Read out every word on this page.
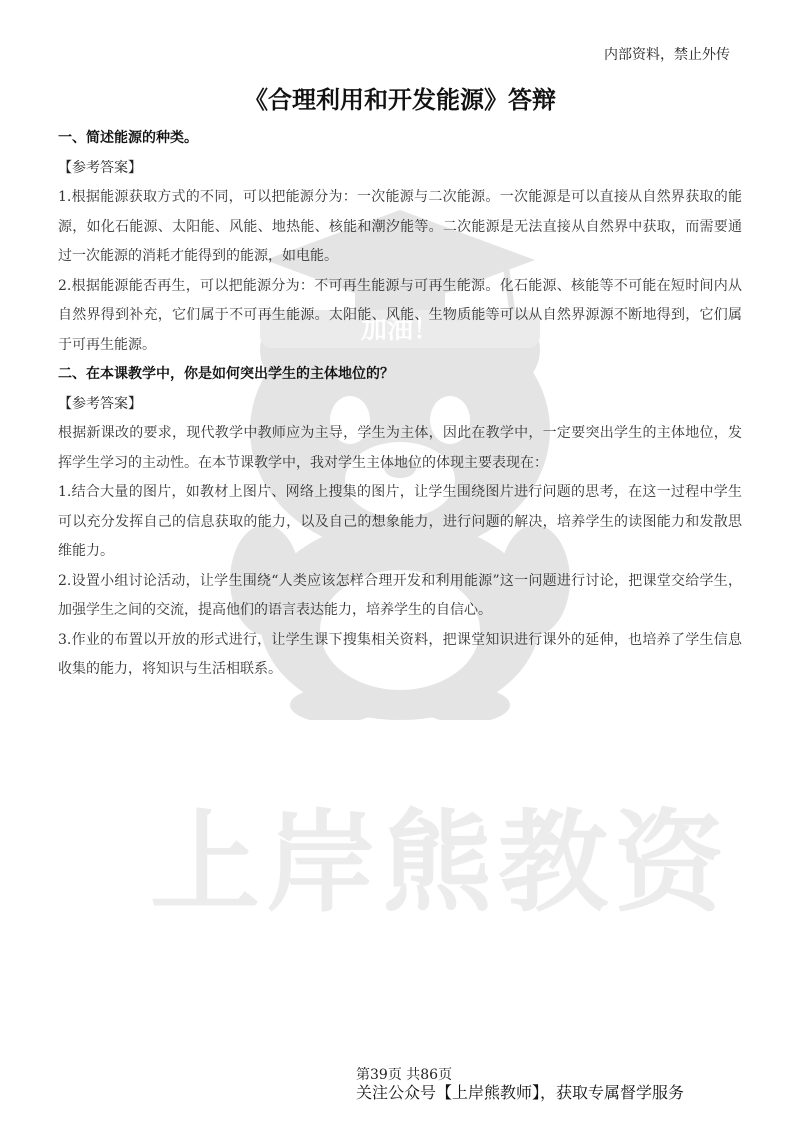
加油！
上岸熊教资
内部资料，禁止外传
《合理利用和开发能源》答辩
一、简述能源的种类。
【参考答案】
1.根据能源获取方式的不同，可以把能源分为：一次能源与二次能源。一次能源是可以直接从自然界获取的能源，如化石能源、太阳能、风能、地热能、核能和潮汐能等。二次能源是无法直接从自然界中获取，而需要通过一次能源的消耗才能得到的能源，如电能。
2.根据能源能否再生，可以把能源分为：不可再生能源与可再生能源。化石能源、核能等不可能在短时间内从自然界得到补充，它们属于不可再生能源。太阳能、风能、生物质能等可以从自然界源源不断地得到，它们属于可再生能源。
二、在本课教学中，你是如何突出学生的主体地位的？
【参考答案】
根据新课改的要求，现代教学中教师应为主导，学生为主体，因此在教学中，一定要突出学生的主体地位，发挥学生学习的主动性。在本节课教学中，我对学生主体地位的体现主要表现在：
1.结合大量的图片，如教材上图片、网络上搜集的图片，让学生围绕图片进行问题的思考，在这一过程中学生可以充分发挥自己的信息获取的能力，以及自己的想象能力，进行问题的解决，培养学生的读图能力和发散思维能力。
2.设置小组讨论活动，让学生围绕“人类应该怎样合理开发和利用能源”这一问题进行讨论，把课堂交给学生，加强学生之间的交流，提高他们的语言表达能力，培养学生的自信心。
3.作业的布置以开放的形式进行，让学生课下搜集相关资料，把课堂知识进行课外的延伸，也培养了学生信息收集的能力，将知识与生活相联系。
第39页 共86页
关注公众号【上岸熊教师】，获取专属督学服务
